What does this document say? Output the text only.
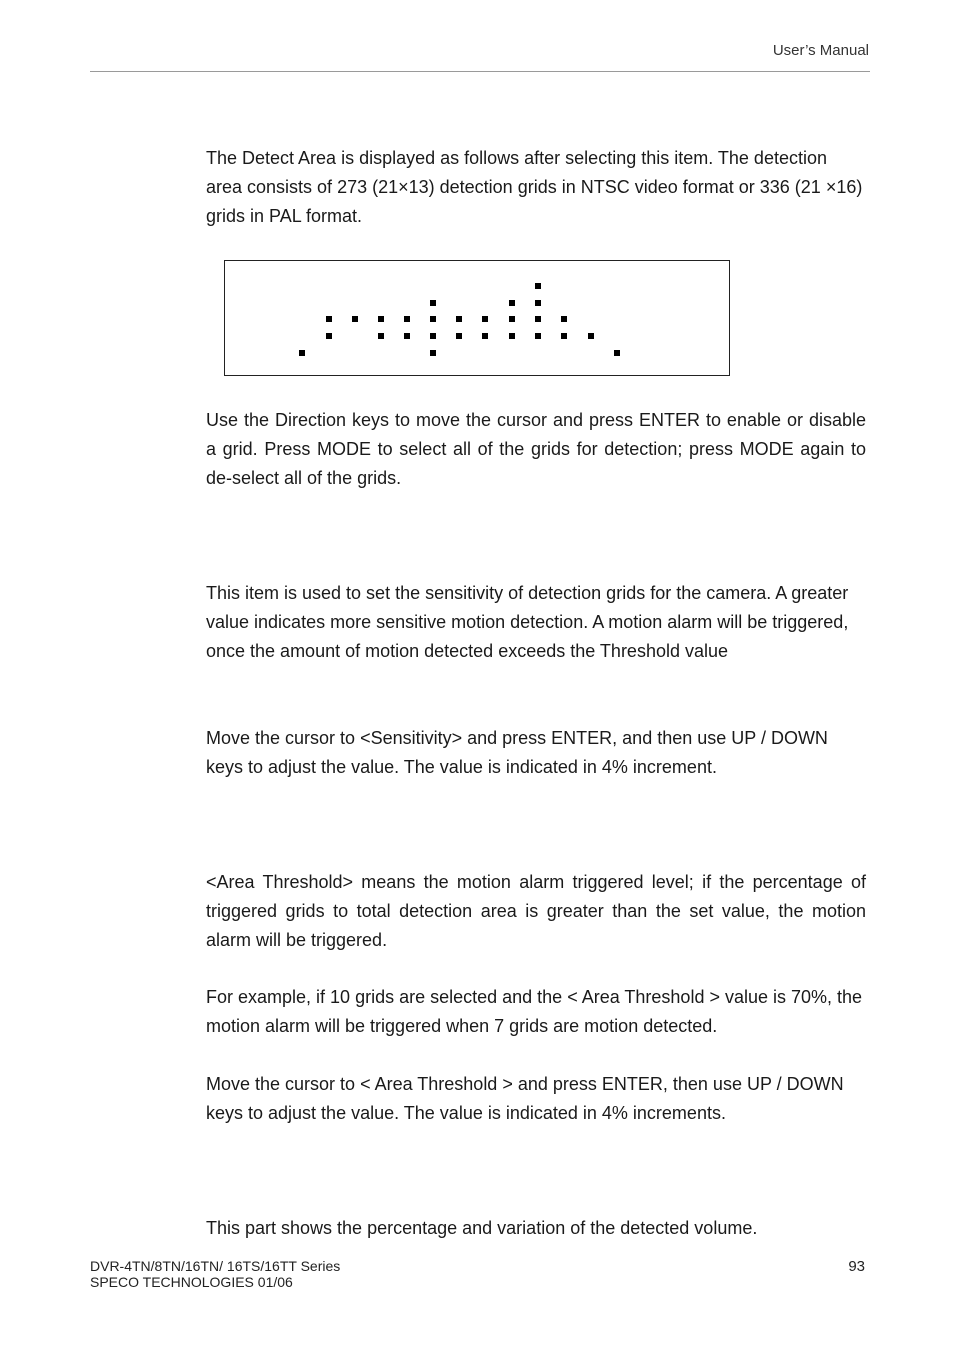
User’s Manual

The Detect Area is displayed as follows after selecting this item. The detection area consists of 273 (21×13) detection grids in NTSC video format or 336 (21 ×16) grids in PAL format.

Use the Direction keys to move the cursor and press ENTER to enable or disable a grid. Press MODE to select all of the grids for detection; press MODE again to de-select all of the grids.

This item is used to set the sensitivity of detection grids for the camera. A greater value indicates more sensitive motion detection. A motion alarm will be triggered, once the amount of motion detected exceeds the Threshold value

Move the cursor to <Sensitivity> and press ENTER, and then use UP / DOWN keys to adjust the value. The value is indicated in 4% increment.

<Area Threshold> means the motion alarm triggered level; if the percentage of triggered grids to total detection area is greater than the set value, the motion alarm will be triggered.

For example, if 10 grids are selected and the < Area Threshold > value is 70%, the motion alarm will be triggered when 7 grids are motion detected.

Move the cursor to < Area Threshold > and press ENTER, then use UP / DOWN keys to adjust the value. The value is indicated in 4% increments.

This part shows the percentage and variation of the detected volume.

DVR-4TN/8TN/16TN/ 16TS/16TT Series
SPECO TECHNOLOGIES 01/06
93
